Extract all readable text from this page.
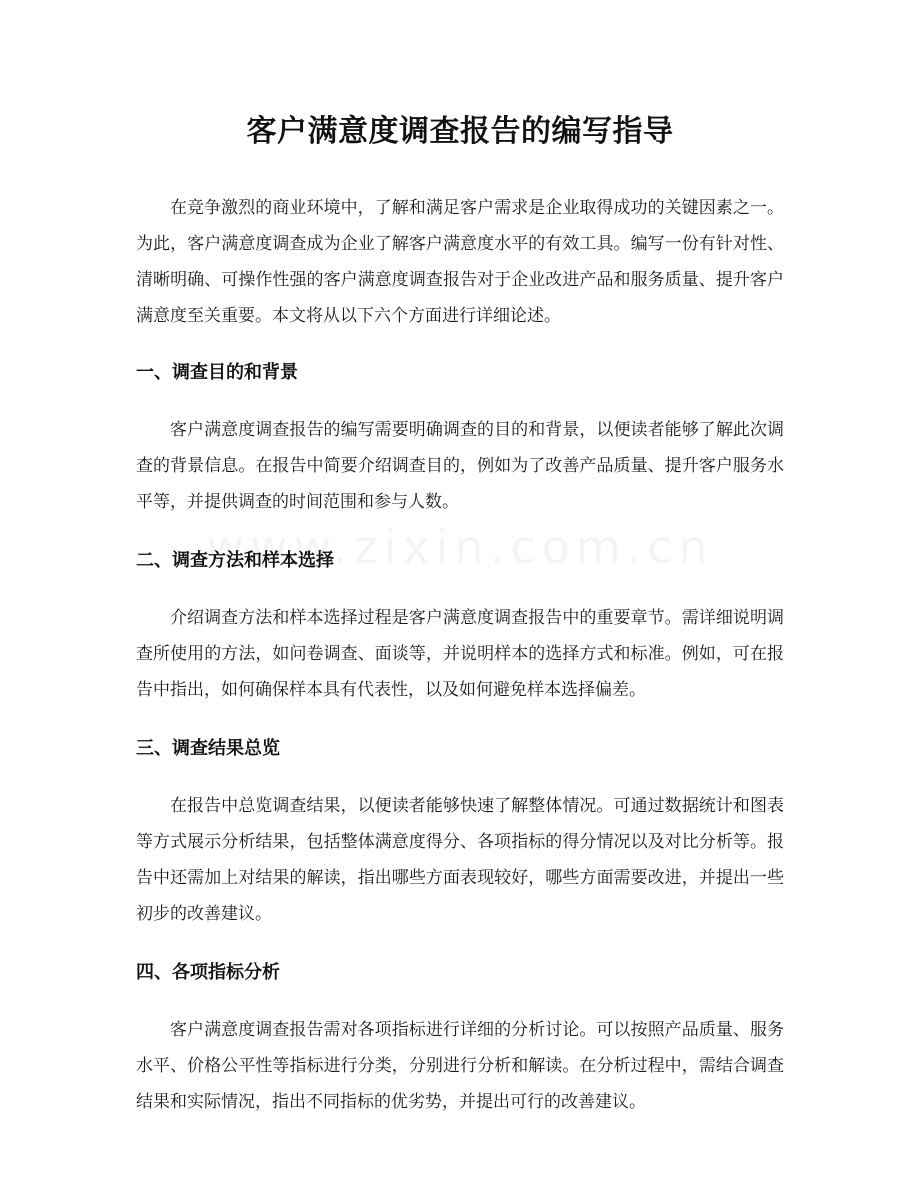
客户满意度调查报告的编写指导

在竞争激烈的商业环境中，了解和满足客户需求是企业取得成功的关键因素之一。为此，客户满意度调查成为企业了解客户满意度水平的有效工具。编写一份有针对性、清晰明确、可操作性强的客户满意度调查报告对于企业改进产品和服务质量、提升客户满意度至关重要。本文将从以下六个方面进行详细论述。

一、调查目的和背景

客户满意度调查报告的编写需要明确调查的目的和背景，以便读者能够了解此次调查的背景信息。在报告中简要介绍调查目的，例如为了改善产品质量、提升客户服务水平等，并提供调查的时间范围和参与人数。

二、调查方法和样本选择

介绍调查方法和样本选择过程是客户满意度调查报告中的重要章节。需详细说明调查所使用的方法，如问卷调查、面谈等，并说明样本的选择方式和标准。例如，可在报告中指出，如何确保样本具有代表性，以及如何避免样本选择偏差。

三、调查结果总览

在报告中总览调查结果，以便读者能够快速了解整体情况。可通过数据统计和图表等方式展示分析结果，包括整体满意度得分、各项指标的得分情况以及对比分析等。报告中还需加上对结果的解读，指出哪些方面表现较好，哪些方面需要改进，并提出一些初步的改善建议。

四、各项指标分析

客户满意度调查报告需对各项指标进行详细的分析讨论。可以按照产品质量、服务水平、价格公平性等指标进行分类，分别进行分析和解读。在分析过程中，需结合调查结果和实际情况，指出不同指标的优劣势，并提出可行的改善建议。
